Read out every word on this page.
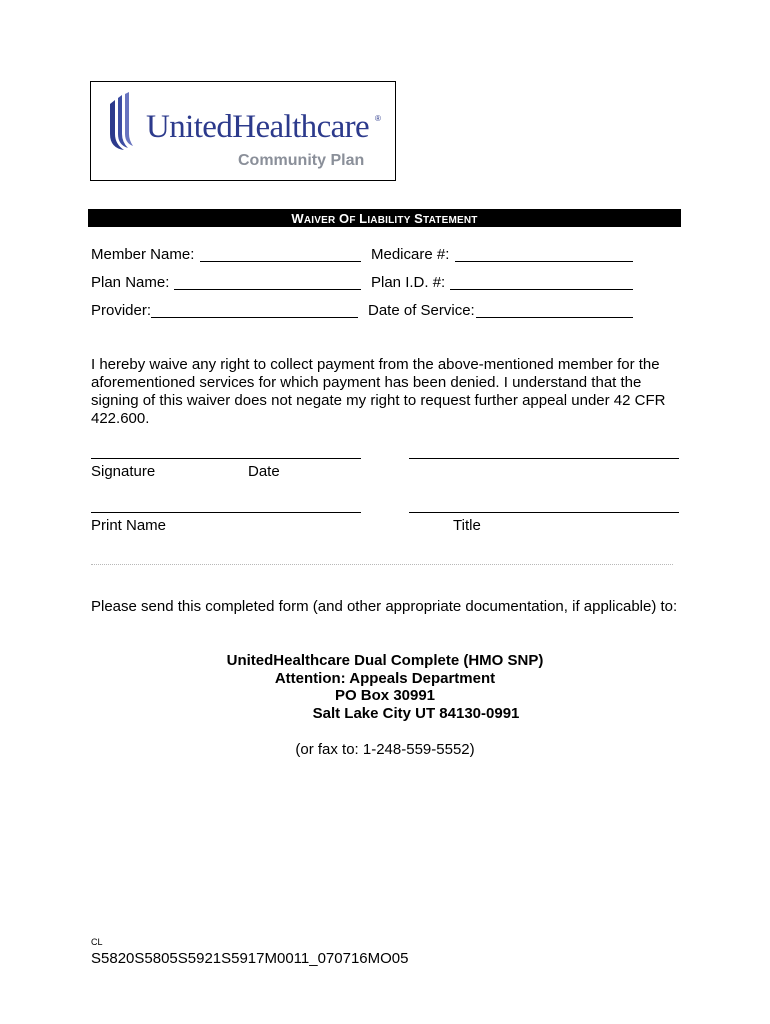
UnitedHealthcare ®
Community Plan
WAIVER OF LIABILITY STATEMENT
Member Name:	Medicare #:
Plan Name:	Plan I.D. #:
Provider:	Date of Service:
I hereby waive any right to collect payment from the above-mentioned member for the aforementioned services for which payment has been denied. I understand that the signing of this waiver does not negate my right to request further appeal under 42 CFR 422.600.
Signature	Date
Print Name	Title
Please send this completed form (and other appropriate documentation, if applicable) to:
UnitedHealthcare Dual Complete (HMO SNP)
Attention: Appeals Department
PO Box 30991
Salt Lake City UT 84130-0991
(or fax to: 1-248-559-5552)
CL
S5820S5805S5921S5917M0011_070716MO05
